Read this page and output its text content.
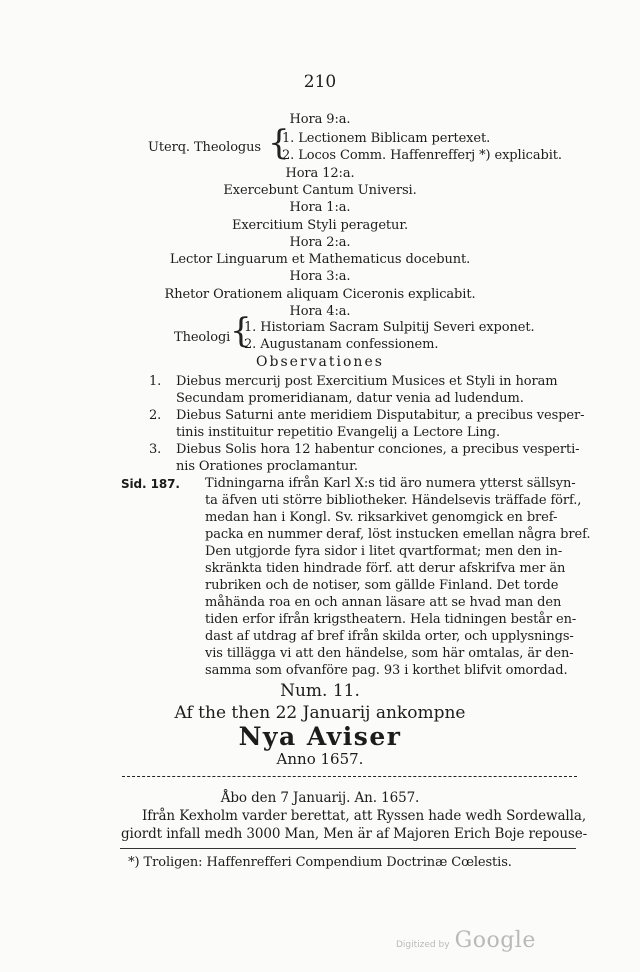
210
Hora 9:a.
Uterq. Theologus {
1. Lectionem Biblicam pertexet.
2. Locos Comm. Haffenrefferj *) explicabit.
Hora 12:a.
Exercebunt Cantum Universi.
Hora 1:a.
Exercitium Styli peragetur.
Hora 2:a.
Lector Linguarum et Mathematicus docebunt.
Hora 3:a.
Rhetor Orationem aliquam Ciceronis explicabit.
Hora 4:a.
Theologi {
1. Historiam Sacram Sulpitij Severi exponet.
2. Augustanam confessionem.
Observationes
1. Diebus mercurij post Exercitium Musices et Styli in horam
Secundam promeridianam, datur venia ad ludendum.
2. Diebus Saturni ante meridiem Disputabitur, a precibus vesper-
tinis instituitur repetitio Evangelij a Lectore Ling.
3. Diebus Solis hora 12 habentur conciones, a precibus vesperti-
nis Orationes proclamantur.
Sid. 187. Tidningarna ifrån Karl X:s tid äro numera ytterst sällsyn-
ta äfven uti större bibliotheker. Händelsevis träffade förf.,
medan han i Kongl. Sv. riksarkivet genomgick en bref-
packa en nummer deraf, löst instucken emellan några bref.
Den utgjorde fyra sidor i litet qvartformat; men den in-
skränkta tiden hindrade förf. att derur afskrifva mer än
rubriken och de notiser, som gällde Finland. Det torde
måhända roa en och annan läsare att se hvad man den
tiden erfor ifrån krigstheatern. Hela tidningen består en-
dast af utdrag af bref ifrån skilda orter, och upplysnings-
vis tillägga vi att den händelse, som här omtalas, är den-
samma som ofvanföre pag. 93 i korthet blifvit omordad.
Num. 11.
Af the then 22 Januarij ankompne
Nya Aviser
Anno 1657.
Åbo den 7 Januarij. An. 1657.
Ifrån Kexholm varder berettat, att Ryssen hade wedh Sordewalla,
giordt infall medh 3000 Man, Men är af Majoren Erich Boje repouse-
*) Troligen: Haffenrefferi Compendium Doctrinæ Cœlestis.
Digitized by Google
